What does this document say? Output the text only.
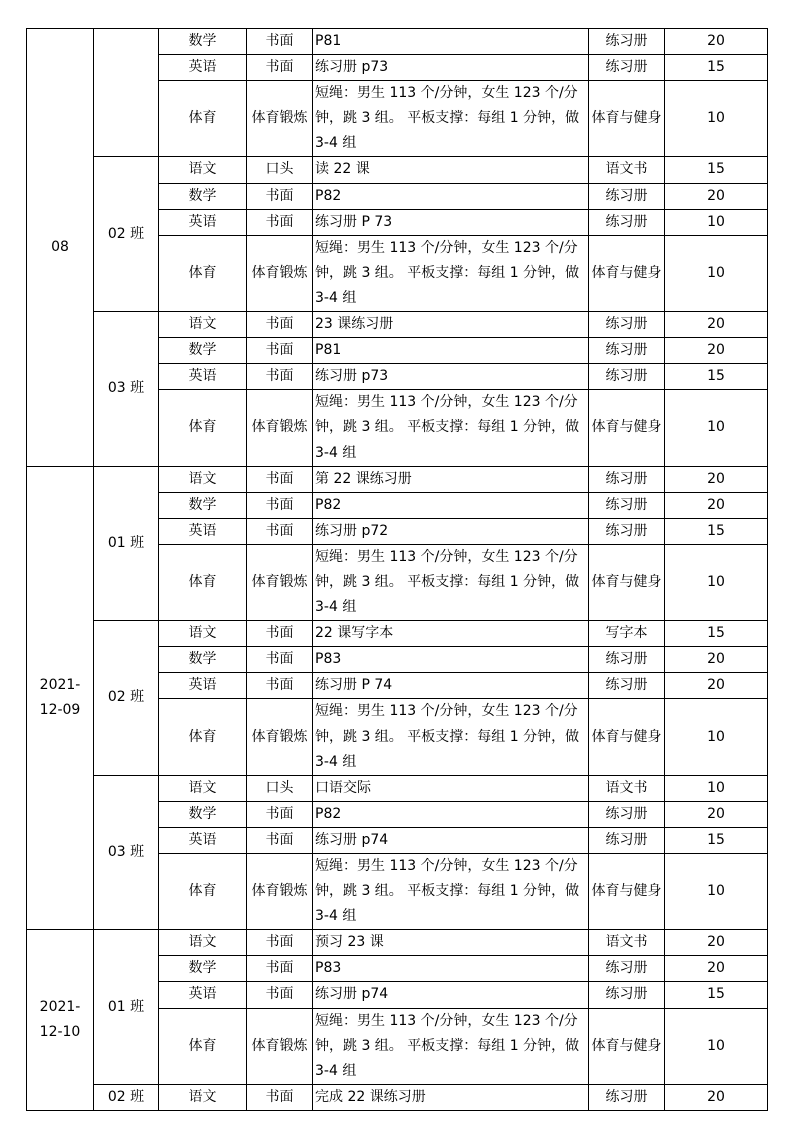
08		数学	书面	P81	练习册	20
		英语	书面	练习册 p73	练习册	15
		体育	体育锻炼	短绳：男生 113 个/分钟，女生 123 个/分钟，跳 3 组。 平板支撑：每组 1 分钟，做 3-4 组	体育与健身	10
	02 班	语文	口头	读 22 课	语文书	15
		数学	书面	P82	练习册	20
		英语	书面	练习册 P 73	练习册	10
		体育	体育锻炼	短绳：男生 113 个/分钟，女生 123 个/分钟，跳 3 组。 平板支撑：每组 1 分钟，做 3-4 组	体育与健身	10
	03 班	语文	书面	23 课练习册	练习册	20
		数学	书面	P81	练习册	20
		英语	书面	练习册 p73	练习册	15
		体育	体育锻炼	短绳：男生 113 个/分钟，女生 123 个/分钟，跳 3 组。 平板支撑：每组 1 分钟，做 3-4 组	体育与健身	10
2021-12-09	01 班	语文	书面	第 22 课练习册	练习册	20
		数学	书面	P82	练习册	20
		英语	书面	练习册 p72	练习册	15
		体育	体育锻炼	短绳：男生 113 个/分钟，女生 123 个/分钟，跳 3 组。 平板支撑：每组 1 分钟，做 3-4 组	体育与健身	10
	02 班	语文	书面	22 课写字本	写字本	15
		数学	书面	P83	练习册	20
		英语	书面	练习册 P 74	练习册	20
		体育	体育锻炼	短绳：男生 113 个/分钟，女生 123 个/分钟，跳 3 组。 平板支撑：每组 1 分钟，做 3-4 组	体育与健身	10
	03 班	语文	口头	口语交际	语文书	10
		数学	书面	P82	练习册	20
		英语	书面	练习册 p74	练习册	15
		体育	体育锻炼	短绳：男生 113 个/分钟，女生 123 个/分钟，跳 3 组。 平板支撑：每组 1 分钟，做 3-4 组	体育与健身	10
2021-12-10	01 班	语文	书面	预习 23 课	语文书	20
		数学	书面	P83	练习册	20
		英语	书面	练习册 p74	练习册	15
		体育	体育锻炼	短绳：男生 113 个/分钟，女生 123 个/分钟，跳 3 组。 平板支撑：每组 1 分钟，做 3-4 组	体育与健身	10
	02 班	语文	书面	完成 22 课练习册	练习册	20
